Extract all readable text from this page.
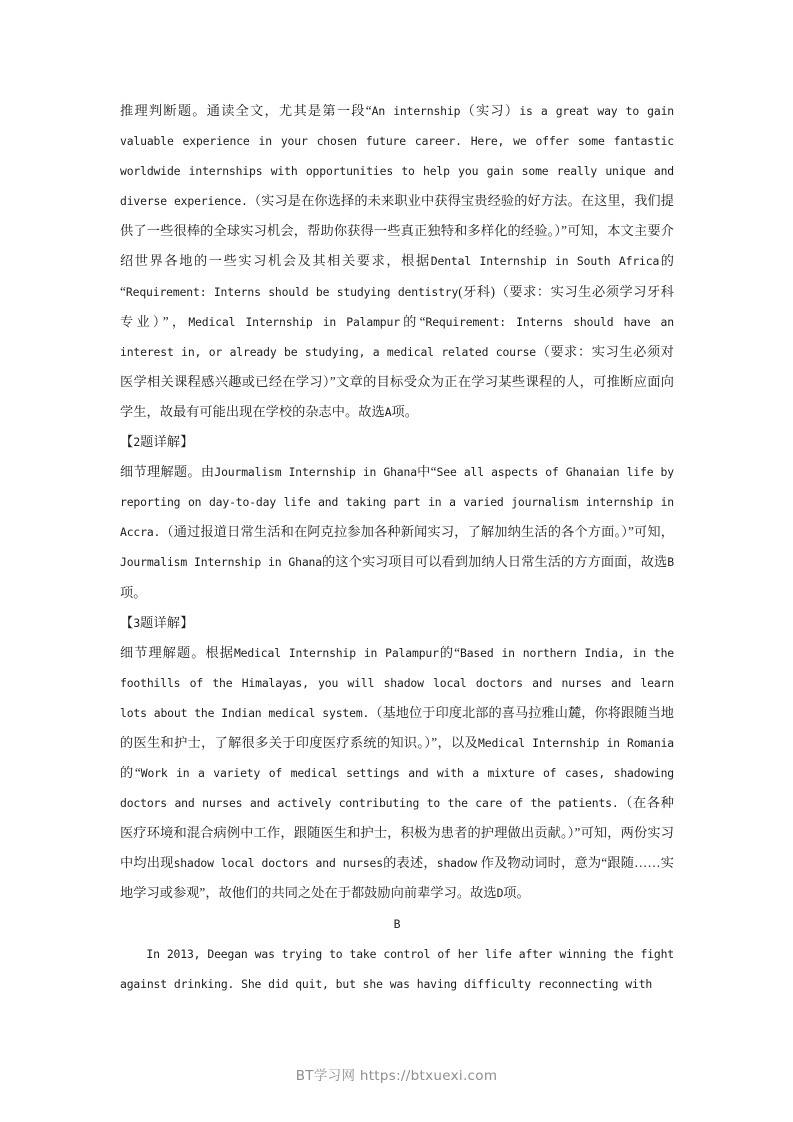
推理判断题。通读全文，尤其是第一段“An internship（实习）is a great way to gain valuable experience in your chosen future career. Here, we offer some fantastic worldwide internships with opportunities to help you gain some really unique and diverse experience.（实习是在你选择的未来职业中获得宝贵经验的好方法。在这里，我们提供了一些很棒的全球实习机会，帮助你获得一些真正独特和多样化的经验。）”可知，本文主要介绍世界各地的一些实习机会及其相关要求，根据Dental Internship in South Africa的“Requirement: Interns should be studying dentistry(牙科)（要求：实习生必须学习牙科专业）”，Medical Internship in Palampur的“Requirement: Interns should have an interest in, or already be studying, a medical related course（要求：实习生必须对医学相关课程感兴趣或已经在学习）”文章的目标受众为正在学习某些课程的人，可推断应面向学生，故最有可能出现在学校的杂志中。故选A项。

【2题详解】

细节理解题。由Jourmalism Internship in Ghana中“See all aspects of Ghanaian life by reporting on day-to-day life and taking part in a varied journalism internship in Accra.（通过报道日常生活和在阿克拉参加各种新闻实习，了解加纳生活的各个方面。）”可知，Jourmalism Internship in Ghana的这个实习项目可以看到加纳人日常生活的方方面面，故选B项。

【3题详解】

细节理解题。根据Medical Internship in Palampur的“Based in northern India, in the foothills of the Himalayas, you will shadow local doctors and nurses and learn lots about the Indian medical system.（基地位于印度北部的喜马拉雅山麓，你将跟随当地的医生和护士，了解很多关于印度医疗系统的知识。）”，以及Medical Internship in Romania的“Work in a variety of medical settings and with a mixture of cases, shadowing doctors and nurses and actively contributing to the care of the patients.（在各种医疗环境和混合病例中工作，跟随医生和护士，积极为患者的护理做出贡献。）”可知，两份实习中均出现shadow local doctors and nurses的表述，shadow 作及物动词时，意为“跟随……实地学习或参观”，故他们的共同之处在于都鼓励向前辈学习。故选D项。

B

In 2013, Deegan was trying to take control of her life after winning the fight against drinking. She did quit, but she was having difficulty reconnecting with

BT学习网 https://btxuexi.com
